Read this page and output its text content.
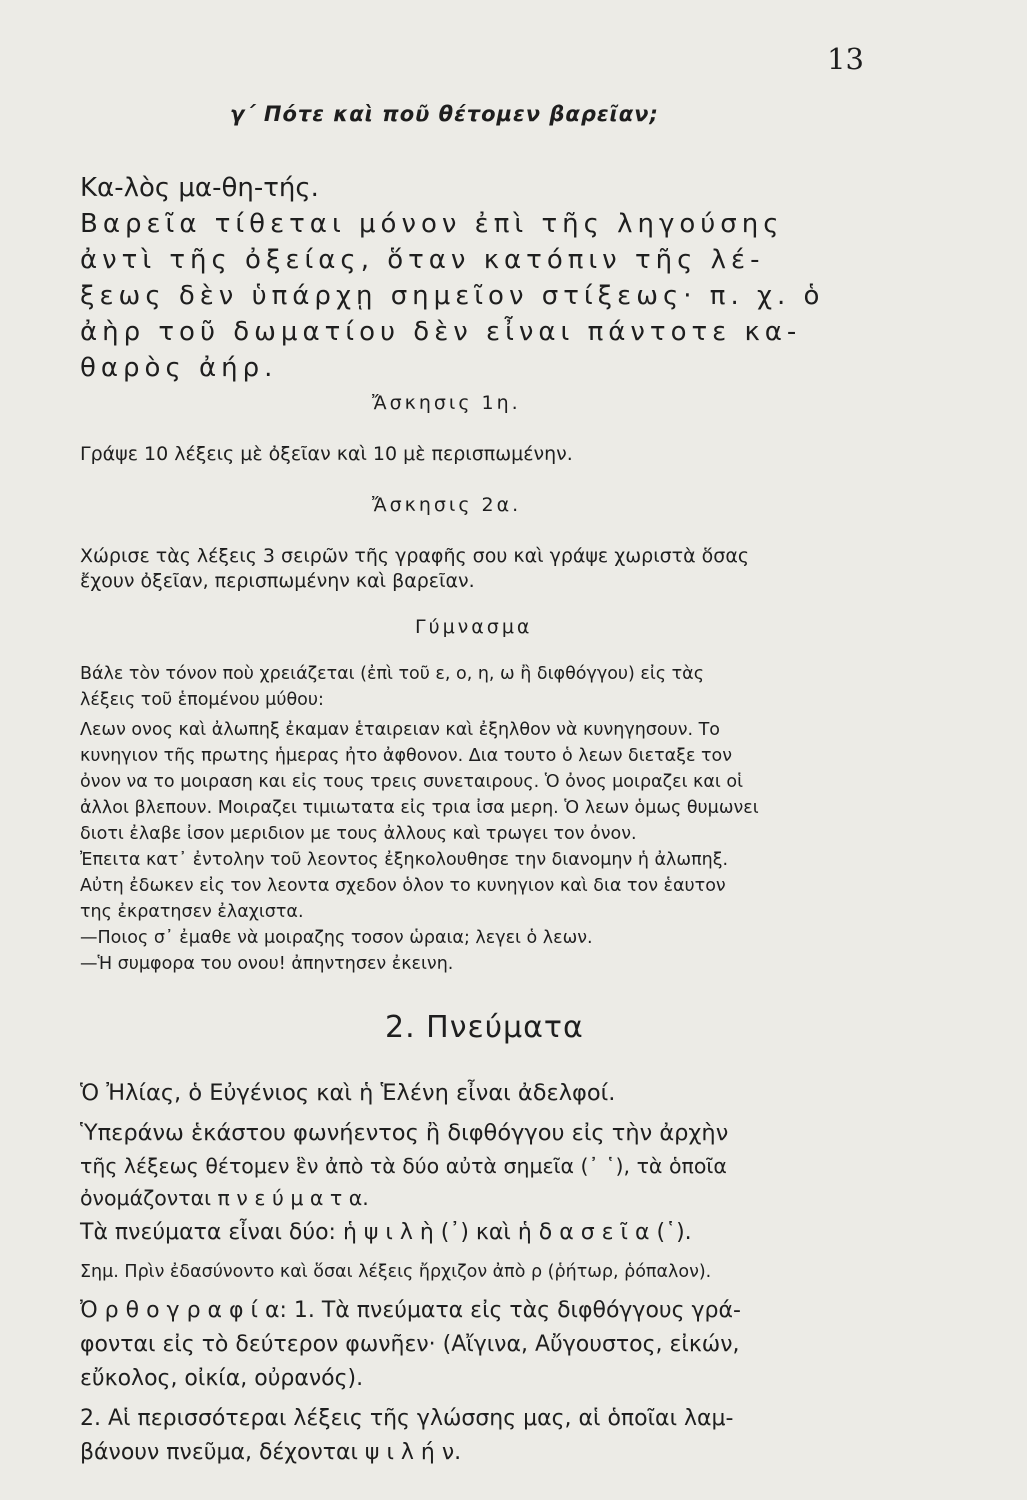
13
γ΄ Πότε καὶ ποῦ θέτομεν βαρεῖαν;
Κα-λὸς μα-θη-τής.
Βαρεῖα τίθεται μόνον ἐπὶ τῆς ληγούσης
ἀντὶ τῆς ὀξείας, ὅταν κατόπιν τῆς λέ-
ξεως δὲν ὑπάρχῃ σημεῖον στίξεως· π. χ. ὁ
ἀὴρ τοῦ δωματίου δὲν εἶναι πάντοτε κα-
θαρὸς ἀήρ.
Ἄσκησις 1η.
Γράψε 10 λέξεις μὲ ὀξεῖαν καὶ 10 μὲ περισπωμένην.
Ἄσκησις 2α.
Χώρισε τὰς λέξεις 3 σειρῶν τῆς γραφῆς σου καὶ γράψε χωριστὰ ὅσας
ἔχουν ὀξεῖαν, περισπωμένην καὶ βαρεῖαν.
Γύμνασμα
Βάλε τὸν τόνον ποὺ χρειάζεται (ἐπὶ τοῦ ε, ο, η, ω ἢ διφθόγγου) εἰς τὰς
λέξεις τοῦ ἑπομένου μύθου:
Λεων ονος καὶ ἀλωπηξ ἐκαμαν ἑταιρειαν καὶ ἐξηλθον νὰ κυνηγησουν. Το
κυνηγιον τῆς πρωτης ἡμερας ἠτο ἀφθονον. Δια τουτο ὁ λεων διεταξε τον
ὀνον να το μοιραση και εἰς τους τρεις συνεταιρους. Ὁ ὀνος μοιραζει και οἱ
ἀλλοι βλεπουν. Μοιραζει τιμιωτατα εἰς τρια ἰσα μερη. Ὁ λεων ὁμως θυμωνει
διοτι ἐλαβε ἰσον μεριδιον με τους ἀλλους καὶ τρωγει τον ὀνον.
Ἐπειτα κατ᾽ ἐντολην τοῦ λεοντος ἐξηκολουθησε την διανομην ἡ ἀλωπηξ.
Αὐτη ἐδωκεν εἰς τον λεοντα σχεδον ὁλον το κυνηγιον καὶ δια τον ἑαυτον
της ἐκρατησεν ἐλαχιστα.
—Ποιος σ᾽ ἐμαθε νὰ μοιραζης τοσον ὡραια; λεγει ὁ λεων.
—Ἡ συμφορα του ονου! ἀπηντησεν ἐκεινη.
2. Πνεύματα
Ὁ Ἠλίας, ὁ Εὐγένιος καὶ ἡ Ἑλένη εἶναι ἀδελφοί.
Ὑπεράνω ἑκάστου φωνήεντος ἢ διφθόγγου εἰς τὴν ἀρχὴν
τῆς λέξεως θέτομεν ἓν ἀπὸ τὰ δύο αὐτὰ σημεῖα (᾿ ῾), τὰ ὁποῖα
ὀνομάζονται π ν ε ύ μ α τ α.
Τὰ πνεύματα εἶναι δύο: ἡ ψ ι λ ὴ (᾿) καὶ ἡ δ α σ ε ῖ α (῾).
Σημ. Πρὶν ἐδασύνοντο καὶ ὅσαι λέξεις ἤρχιζον ἀπὸ ρ (ῥήτωρ, ῥόπαλον).
Ὀ ρ θ ο γ ρ α φ ί α: 1. Τὰ πνεύματα εἰς τὰς διφθόγγους γρά-
φονται εἰς τὸ δεύτερον φωνῆεν· (Αἴγινα, Αὔγουστος, εἰκών,
εὔκολος, οἰκία, οὐρανός).
2. Αἱ περισσότεραι λέξεις τῆς γλώσσης μας, αἱ ὁποῖαι λαμ-
βάνουν πνεῦμα, δέχονται ψ ι λ ή ν.
